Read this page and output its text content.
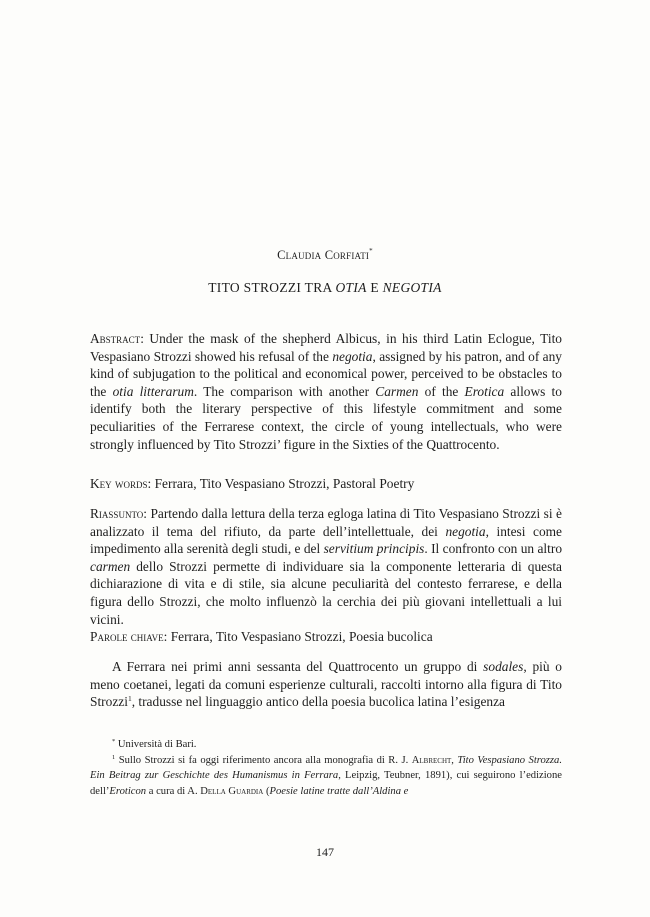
Claudia Corfiati*
TITO STROZZI TRA OTIA E NEGOTIA

Abstract: Under the mask of the shepherd Albicus, in his third Latin Eclogue, Tito Vespasiano Strozzi showed his refusal of the negotia, assigned by his patron, and of any kind of subjugation to the political and economical power, perceived to be obstacles to the otia litterarum. The comparison with another Carmen of the Erotica allows to identify both the literary perspective of this lifestyle commitment and some peculiarities of the Ferrarese context, the circle of young intellectuals, who were strongly influenced by Tito Strozzi’ figure in the Sixties of the Quattrocento.

Key words: Ferrara, Tito Vespasiano Strozzi, Pastoral Poetry

Riassunto: Partendo dalla lettura della terza egloga latina di Tito Vespasiano Strozzi si è analizzato il tema del rifiuto, da parte dell’intellettuale, dei negotia, intesi come impedimento alla serenità degli studi, e del servitium principis. Il confronto con un altro carmen dello Strozzi permette di individuare sia la componente letteraria di questa dichiarazione di vita e di stile, sia alcune peculiarità del contesto ferrarese, e della figura dello Strozzi, che molto influenzò la cerchia dei più giovani intellettuali a lui vicini.

Parole chiave: Ferrara, Tito Vespasiano Strozzi, Poesia bucolica

A Ferrara nei primi anni sessanta del Quattrocento un gruppo di sodales, più o meno coetanei, legati da comuni esperienze culturali, raccolti intorno alla figura di Tito Strozzi$^1$, tradusse nel linguaggio antico della poesia bucolica latina l’esigenza

* Università di Bari.

$^1$ Sullo Strozzi si fa oggi riferimento ancora alla monografia di R. J. Albrecht, Tito Vespasiano Strozza. Ein Beitrag zur Geschichte des Humanismus in Ferrara, Leipzig, Teubner, 1891), cui seguirono l’edizione dell’Eroticon a cura di A. Della Guardia (Poesie latine tratte dall’Aldina e

147
